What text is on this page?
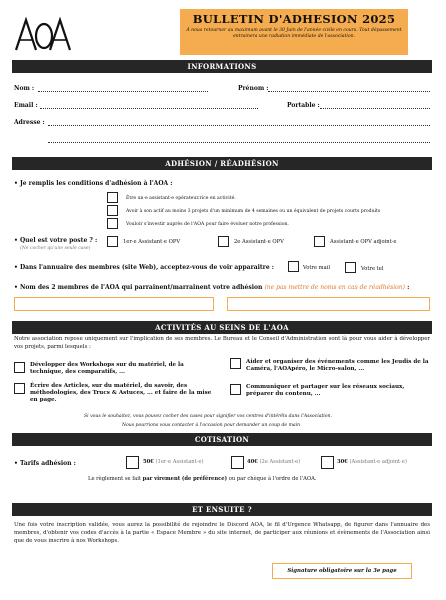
BULLETIN D'ADHESION 2025

À nous retourner au maximum avant le 30 Juin de l'année civile en cours. Tout dépassement entrainera une radiation immédiate de l'association.

INFORMATIONS
Nom :	Prénom :
Email :	Portable :
Adresse :
ADHÉSION / RÉADHÉSION
• Je remplis les conditions d'adhésion à l'AOA :
Être un·e assistant·e opérateur.rice en activité.
Avoir à son actif au moins 3 projets d'un minimum de 4 semaines ou un équivalent de projets courts produits
Vouloir s'investir auprès de l'AOA pour faire évoluer notre profession.
• Quel est votre poste ? :
(Ne cocher qu'une seule case)
1er·e Assistant·e OPV	2e Assistant·e OPV	Assistant·e OPV adjoint·e
• Dans l'annuaire des membres (site Web), acceptez-vous de voir apparaitre :	Votre mail	Votre tel
• Nom des 2 membres de l'AOA qui parrainent/marrainent votre adhésion (ne pas mettre de noms en cas de réadhésion) :
ACTIVITÉS AU SEINS DE L'AOA
Notre association repose uniquement sur l'implication de ses membres. Le Bureau et le Conseil d'Administration sont là pour vous aider à développer vos projets, parmi lesquels :
Développer des Workshops sur du matériel, de la technique, des comparatifs, ...
Aider et organiser des événements comme les Jeudis de la Caméra, l'AOApéro, le Micro-salon, ...
Écrire des Articles, sur du matériel, du savoir, des méthodologies, des Trucs & Astuces, ... et faire de la mise en page.
Communiquer et partager sur les réseaux sociaux, préparer du contenu, ...
Si vous le souhaitez, vous pouvez cocher des cases pour signifier vos centres d'intérêts dans l'Association.
Nous pourrions vous contacter à l'occasion pour demander un coup de main
COTISATION
• Tarifs adhésion :	50€ (1er·e Assistant·e)	40€ (2e Assistant·e)	30€ (Assistant·e adjoint·e)
Le règlement se fait par virement (de préférence) ou par chèque à l'ordre de l'AOA.
ET ENSUITE ?
Une fois votre inscription validée, vous aurez la possibilité de rejoindre le Discord AOA, le fil d'Urgence Whatsapp, de figurer dans l'annuaire des membres, d'obtenir vos codes d'accès à la partie « Espace Membre » du site internet, de participer aux réunions et évènements de l'Association ainsi que de vous inscrire à nos Workshops.
Signature obligatoire sur la 3e page
